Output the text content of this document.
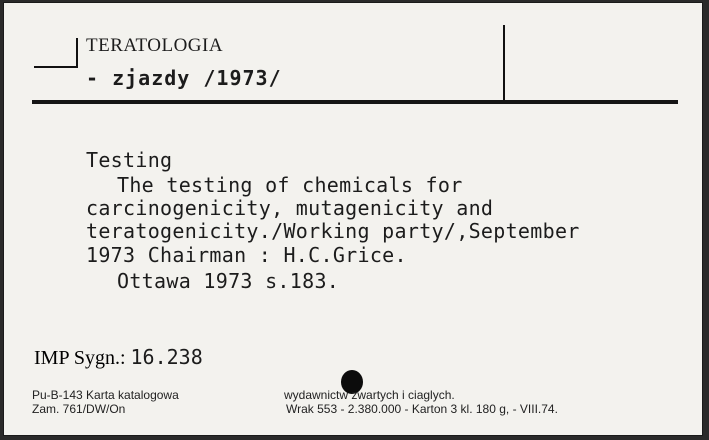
TERATOLOGIA
- zjazdy /1973/
Testing
The testing of chemicals for
carcinogenicity, mutagenicity and
teratogenicity./Working party/,September
1973 Chairman : H.C.Grice.
Ottawa 1973 s.183.
IMP Sygn.: 16.238
Pu-B-143 Karta katalogowa
Zam. 761/DW/On
wydawnictw zwartych i ciaglych.
Wrak 553 - 2.380.000 - Karton 3 kl. 180 g, - VIII.74.
